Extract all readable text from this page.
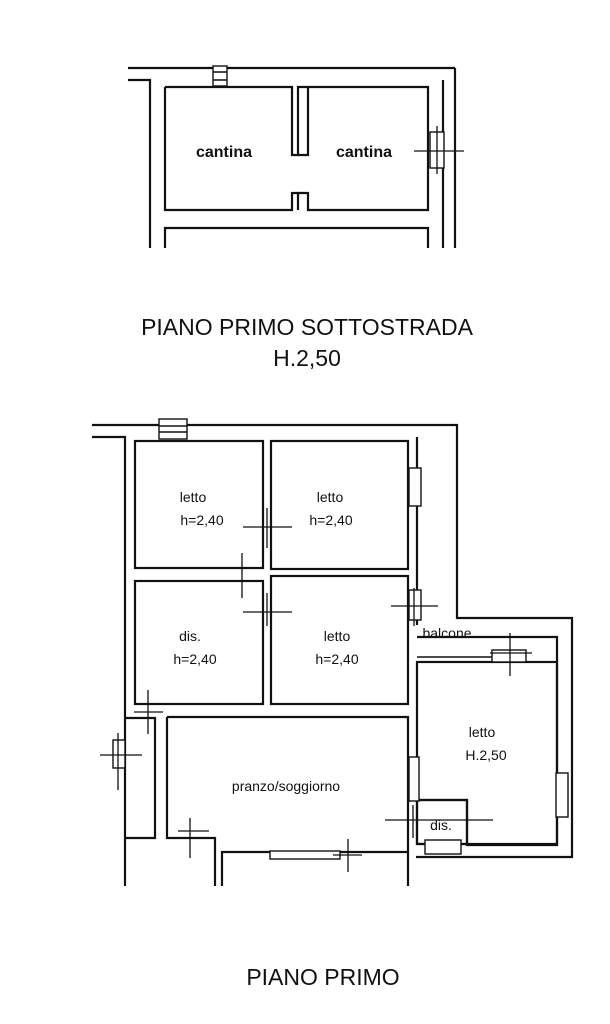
cantina	cantina
PIANO PRIMO SOTTOSTRADA
H.2,50
letto
h=2,40
letto
h=2,40
dis.
h=2,40
letto
h=2,40
balcone
letto
H.2,50
pranzo/soggiorno
dis.
PIANO PRIMO
